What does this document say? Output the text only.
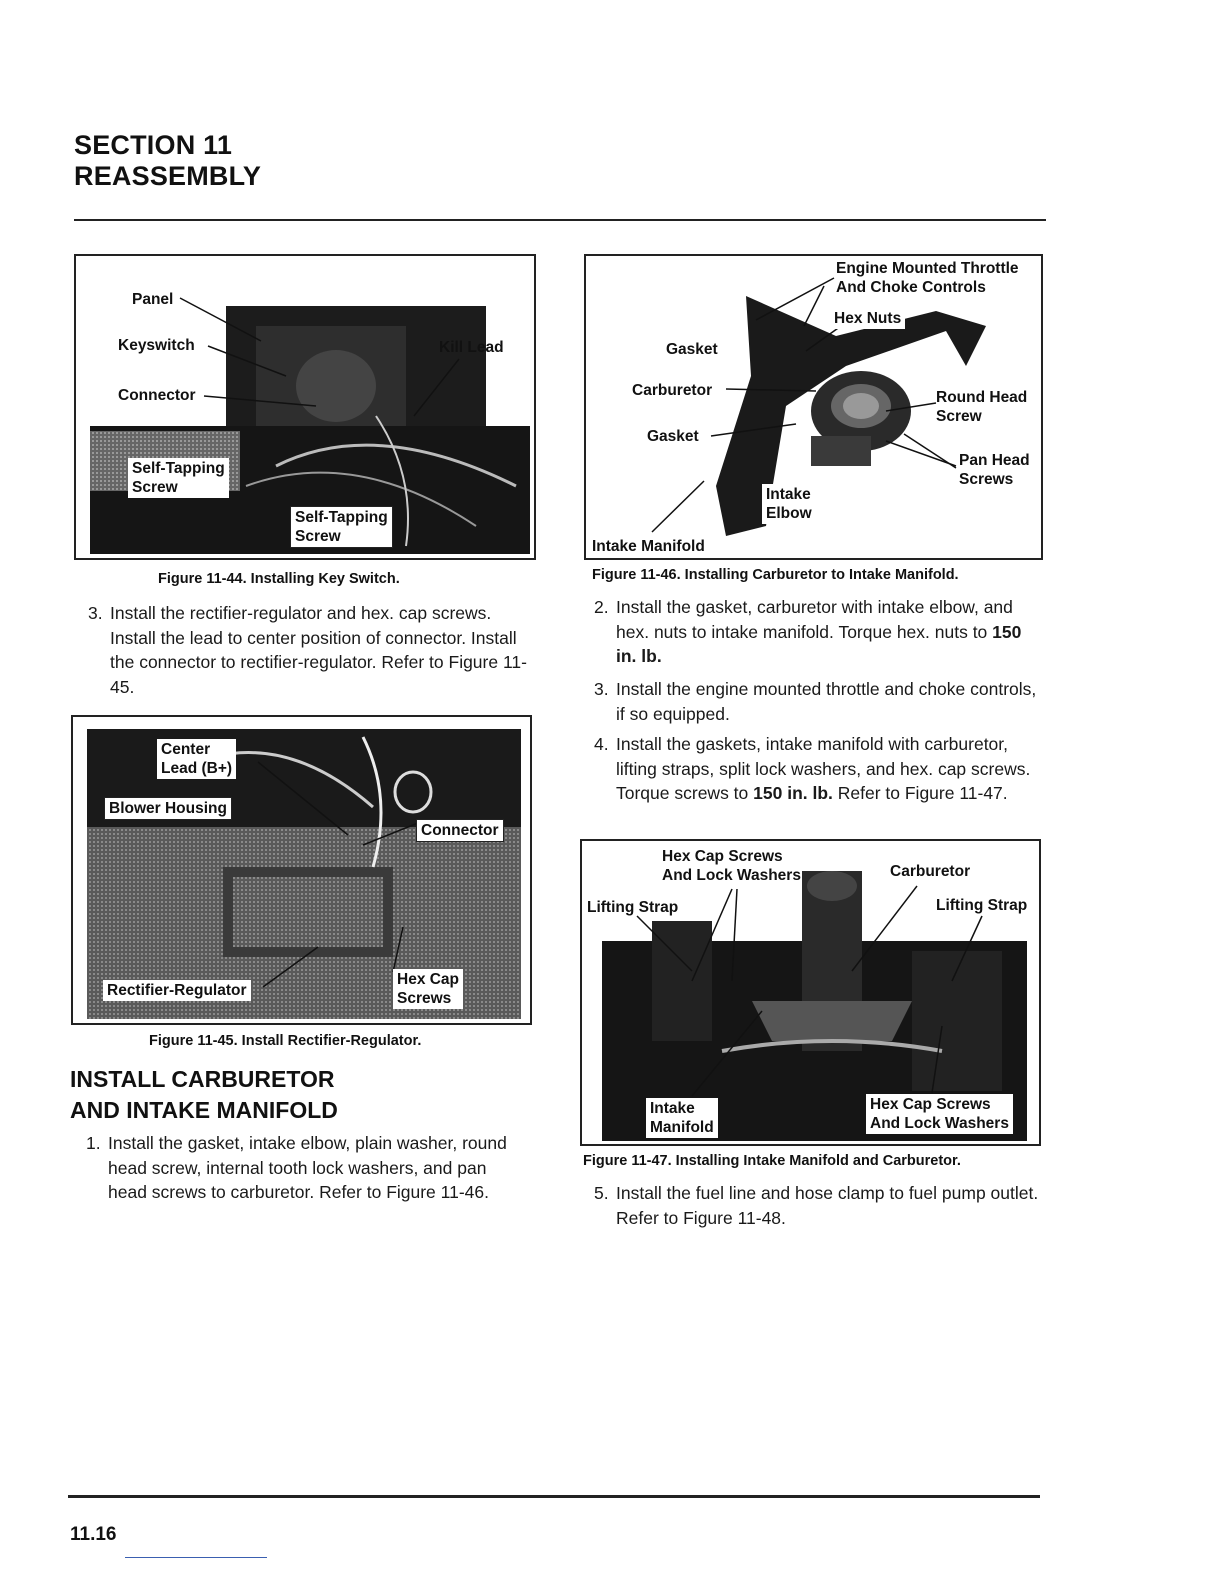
SECTION 11
REASSEMBLY
Panel
Keyswitch
Connector
Kill Lead
Self-Tapping
Screw
Self-Tapping
Screw
Figure 11-44. Installing Key Switch.
3. Install the rectifier-regulator and hex. cap screws. Install the lead to center position of connector. Install the connector to rectifier-regulator. Refer to Figure 11-45.
Center
Lead (B+)
Blower Housing
Connector
Rectifier-Regulator
Hex Cap
Screws
Figure 11-45. Install Rectifier-Regulator.
INSTALL CARBURETOR
AND INTAKE MANIFOLD
1. Install the gasket, intake elbow, plain washer, round head screw, internal tooth lock washers, and pan head screws to carburetor. Refer to Figure 11-46.
Engine Mounted Throttle
And Choke Controls
Hex Nuts
Gasket
Carburetor
Gasket
Round Head
Screw
Pan Head
Screws
Intake
Elbow
Intake Manifold
Figure 11-46. Installing Carburetor to Intake Manifold.
2. Install the gasket, carburetor with intake elbow, and hex. nuts to intake manifold. Torque hex. nuts to 150 in. lb.
3. Install the engine mounted throttle and choke controls, if so equipped.
4. Install the gaskets, intake manifold with carburetor, lifting straps, split lock washers, and hex. cap screws. Torque screws to 150 in. lb. Refer to Figure 11-47.
Hex Cap Screws
And Lock Washers	Carburetor
Lifting Strap	Lifting Strap
Intake
Manifold
Hex Cap Screws
And Lock Washers
Figure 11-47. Installing Intake Manifold and Carburetor.
5. Install the fuel line and hose clamp to fuel pump outlet. Refer to Figure 11-48.
11.16
